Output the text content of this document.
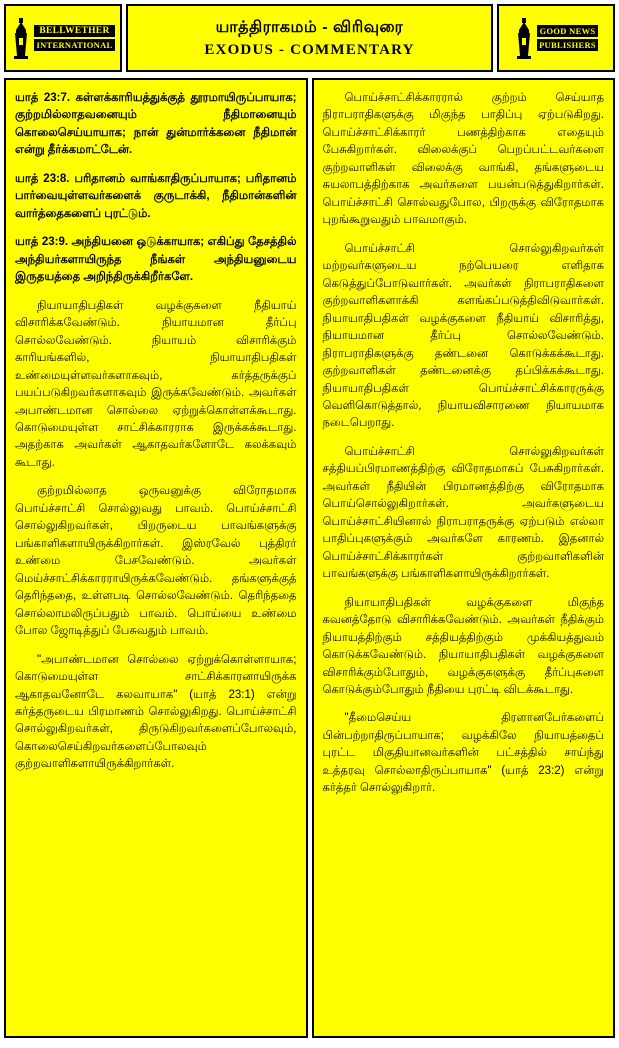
BELLWETHER
INTERNATIONAL
யாத்திராகமம் - விரிவுரை
EXODUS - COMMENTARY
GOOD NEWS
PUBLISHERS

யாத் 23:7. கள்ளக்காரியத்துக்குத் தூரமாயிருப்பாயாக; குற்றமில்லாதவனையும் நீதிமானையும் கொலைசெய்யாயாக; நான் துன்மார்க்கனை நீதிமான் என்று தீர்க்கமாட்டேன்.

யாத் 23:8. பரிதானம் வாங்காதிருப்பாயாக; பரிதானம் பார்வையுள்ளவர்களைக் குருடாக்கி, நீதிமான்களின் வார்த்தைகளைப் புரட்டும்.

யாத் 23:9. அந்தியனை ஒடுக்காயாக; எகிப்து தேசத்தில் அந்தியர்களாயிருந்த நீங்கள் அந்தியனுடைய இருதயத்தை அறிந்திருக்கிறீர்களே.

நியாயாதிபதிகள் வழக்குகளை நீதியாய் விசாரிக்கவேண்டும். நியாயமான தீர்ப்பு சொல்லவேண்டும். நியாயம் விசாரிக்கும் காரியங்களில், நியாயாதிபதிகள் உண்மையுள்ளவர்களாகவும், கர்த்தருக்குப் பயப்படுகிறவர்களாகவும் இருக்கவேண்டும். அவர்கள் அபாண்டமான சொல்லை ஏற்றுக்கொள்ளக்கூடாது. கொடுமையுள்ள சாட்சிக்காரராக இருக்கக்கூடாது. அதற்காக அவர்கள் ஆகாதவர்களோடே கலக்கவும் கூடாது.

குற்றமில்லாத ஒருவனுக்கு விரோதமாக பொய்ச்சாட்சி சொல்லுவது பாவம். பொய்ச்சாட்சி சொல்லுகிறவர்கள், பிறருடைய பாவங்களுக்கு பங்காளிகளாயிருக்கிறார்கள். இஸ்ரவேல் புத்திரர் உண்மை பேசவேண்டும். அவர்கள் மெய்ச்சாட்சிக்காரராயிருக்கவேண்டும். தங்களுக்குத் தெரிந்ததை, உள்ளபடி சொல்லவேண்டும். தெரிந்ததை சொல்லாமலிருப்பதும் பாவம். பொய்யை உண்மை போல ஜோடித்துப் பேசுவதும் பாவம்.

"அபாண்டமான சொல்லை ஏற்றுக்கொள்ளாயாக; கொடுமையுள்ள சாட்சிக்காரனாயிருக்க ஆகாதவனோடே கலவாயாக" (யாத் 23:1) என்று கர்த்தருடைய பிரமாணம் சொல்லுகிறது. பொய்ச்சாட்சி சொல்லுகிறவர்கள், திருடுகிறவர்களைப்போலவும், கொலைசெய்கிறவர்களைப்போலவும் குற்றவாளிகளாயிருக்கிறார்கள்.

பொய்ச்சாட்சிக்காரரால் குற்றம் செய்யாத நிராபராதிகளுக்கு மிகுந்த பாதிப்பு ஏற்படுகிறது. பொய்ச்சாட்சிக்காரர் பணத்திற்காக எதையும் பேசுகிறார்கள். விலைக்குப் பெறப்பட்டவர்களை குற்றவாளிகள் விலைக்கு வாங்கி, தங்களுடைய சுயலாபத்திற்காக அவர்களை பயன்படுத்துகிறார்கள். பொய்ச்சாட்சி சொல்வதுபோல, பிறருக்கு விரோதமாக புறங்கூறுவதும் பாவமாகும்.

பொய்ச்சாட்சி சொல்லுகிறவர்கள் மற்றவர்களுடைய நற்பெயரை எளிதாக கெடுத்துப்போடுவார்கள். அவர்கள் நிராபராதிகளை குற்றவாளிகளாக்கி களங்கப்படுத்திவிடுவார்கள். நியாயாதிபதிகள் வழக்குகளை நீதியாய் விசாரித்து, நியாயமான தீர்ப்பு சொல்லவேண்டும். நிராபராதிகளுக்கு தண்டனை கொடுக்கக்கூடாது. குற்றவாளிகள் தண்டனைக்கு தப்பிக்கக்கூடாது. நியாயாதிபதிகள் பொய்ச்சாட்சிக்காரருக்கு வெளிகொடுத்தால், நியாயவிசாரணை நியாயமாக நடைபெறாது.

பொய்ச்சாட்சி சொல்லுகிறவர்கள் சத்தியப்பிரமாணத்திற்கு விரோதமாகப் பேசுகிறார்கள். அவர்கள் நீதியின் பிரமாணத்திற்கு விரோதமாக பொய்சொல்லுகிறார்கள். அவர்களுடைய பொய்ச்சாட்சியினால் நிராபராதருக்கு ஏற்படும் எல்லா பாதிப்புகளுக்கும் அவர்களே காரணம். இதனால் பொய்ச்சாட்சிக்காரர்கள் குற்றவாளிகளின் பாவங்களுக்கு பங்காளிகளாயிருக்கிறார்கள்.

நியாயாதிபதிகள் வழக்குகளை மிகுந்த கவனத்தோடு விசாரிக்கவேண்டும். அவர்கள் நீதிக்கும் நியாயத்திற்கும் சத்தியத்திற்கும் முக்கியத்துவம் கொடுக்கவேண்டும். நியாயாதிபதிகள் வழக்குகளை விசாரிக்கும்போதும், வழக்குகளுக்கு தீர்ப்புகளை கொடுக்கும்போதும் நீதியை புரட்டி விடக்கூடாது.

"தீமைசெய்ய திரளானபேர்களைப் பின்பற்றாதிருப்பாயாக; வழக்கிலே நியாயத்தைப் புரட்ட மிகுதியானவர்களின் பட்சத்தில் சாய்ந்து உத்தரவு சொல்லாதிருப்பாயாக" (யாத் 23:2) என்று கர்த்தர் சொல்லுகிறார்.
